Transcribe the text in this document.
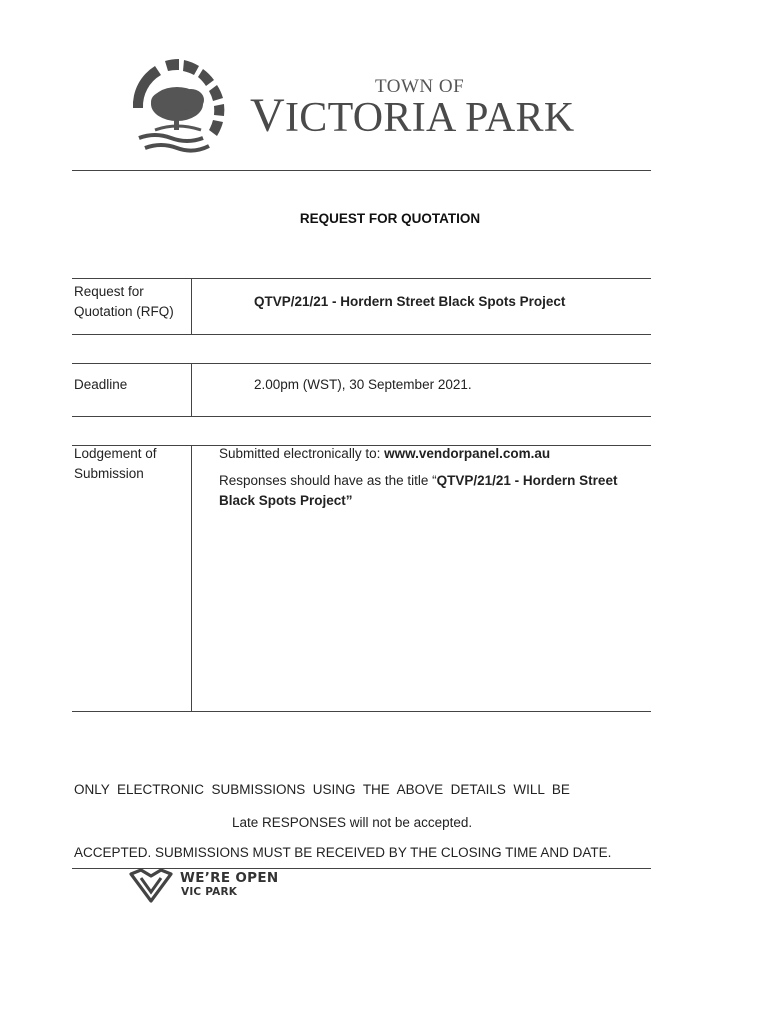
TOWN OF
VICTORIA PARK
REQUEST FOR QUOTATION
Request for
Quotation (RFQ)
QTVP/21/21 - Hordern Street Black Spots Project
Deadline	2.00pm (WST), 30 September 2021.
Lodgement of
Submission
Submitted electronically to: www.vendorpanel.com.au
Responses should have as the title “QTVP/21/21 - Hordern Street
Black Spots Project”

ONLY  ELECTRONIC  SUBMISSIONS  USING  THE  ABOVE  DETAILS  WILL  BE

ACCEPTED. SUBMISSIONS MUST BE RECEIVED BY THE CLOSING TIME AND DATE.

Late RESPONSES will not be accepted.
WE’RE OPEN
VIC PARK
